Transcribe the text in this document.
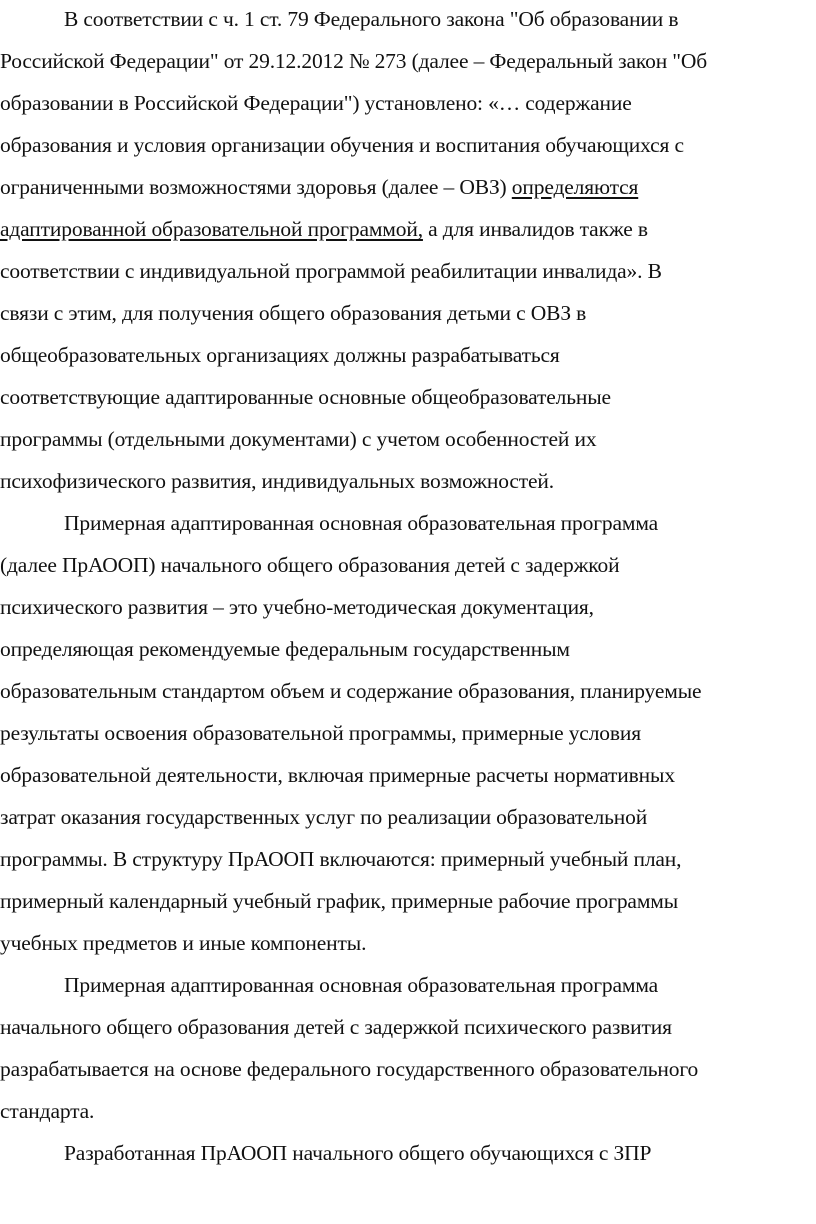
В соответствии с ч. 1 ст. 79 Федерального закона "Об образовании в
Российской Федерации" от 29.12.2012 № 273 (далее – Федеральный закон "Об
образовании в Российской Федерации") установлено: «… содержание
образования и условия организации обучения и воспитания обучающихся с
ограниченными возможностями здоровья (далее – ОВЗ) определяются
адаптированной образовательной программой, а для инвалидов также в
соответствии с индивидуальной программой реабилитации инвалида». В
связи с этим, для получения общего образования детьми с ОВЗ в
общеобразовательных организациях должны разрабатываться
соответствующие адаптированные основные общеобразовательные
программы (отдельными документами) с учетом особенностей их
психофизического развития, индивидуальных возможностей.
Примерная адаптированная основная образовательная программа
(далее ПрАООП) начального общего образования детей с задержкой
психического развития – это учебно-методическая документация,
определяющая рекомендуемые федеральным государственным
образовательным стандартом объем и содержание образования, планируемые
результаты освоения образовательной программы, примерные условия
образовательной деятельности, включая примерные расчеты нормативных
затрат оказания государственных услуг по реализации образовательной
программы. В структуру ПрАООП включаются: примерный учебный план,
примерный календарный учебный график, примерные рабочие программы
учебных предметов и иные компоненты.
Примерная адаптированная основная образовательная программа
начального общего образования детей с задержкой психического развития
разрабатывается на основе федерального государственного образовательного
стандарта.
Разработанная ПрАООП начального общего обучающихся с ЗПР
